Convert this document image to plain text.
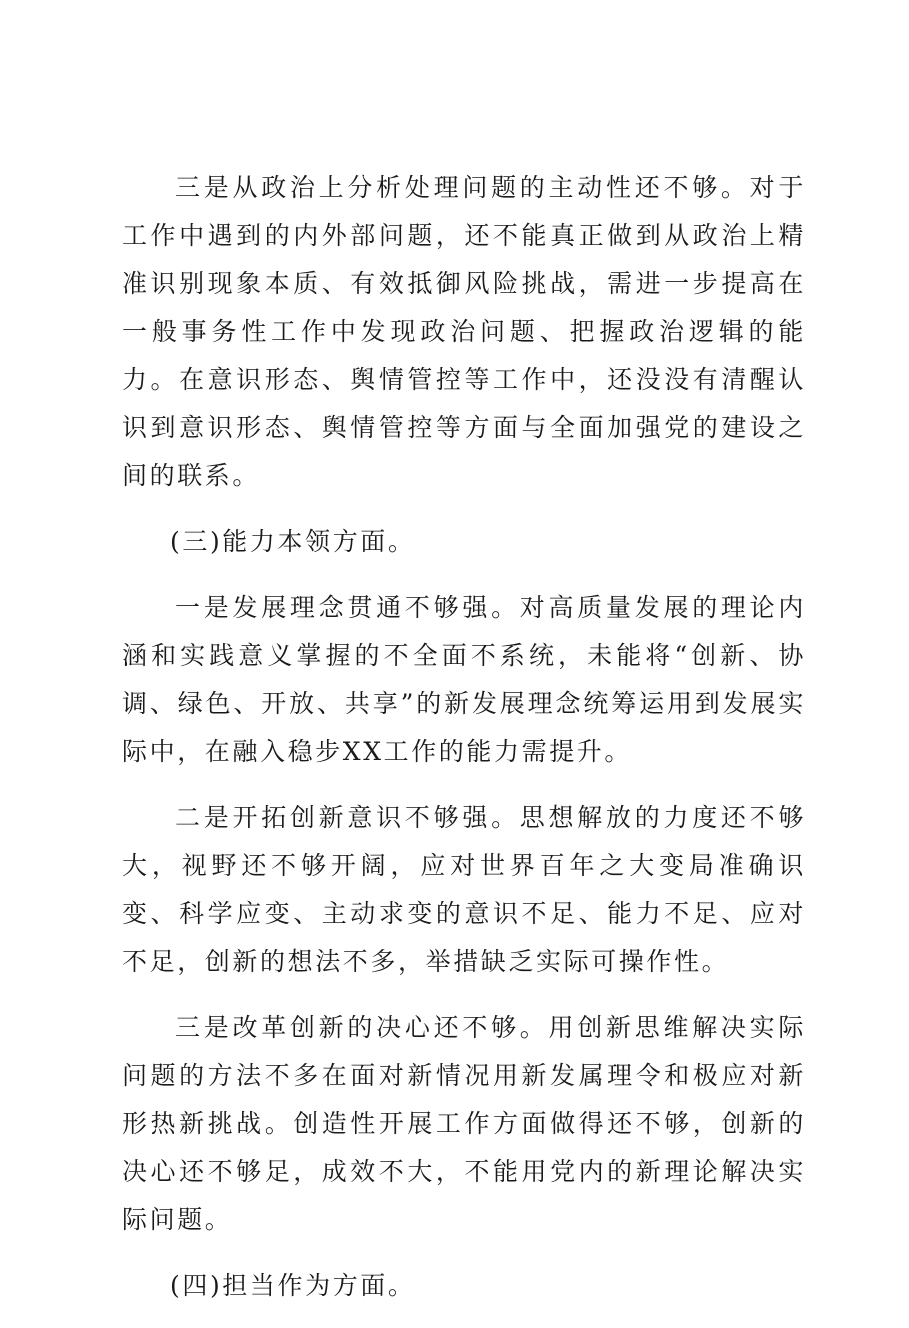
三是从政治上分析处理问题的主动性还不够。对于工作中遇到的内外部问题，还不能真正做到从政治上精准识别现象本质、有效抵御风险挑战，需进一步提高在一般事务性工作中发现政治问题、把握政治逻辑的能力。在意识形态、舆情管控等工作中，还没没有清醒认识到意识形态、舆情管控等方面与全面加强党的建设之间的联系。

(三)能力本领方面。

一是发展理念贯通不够强。对高质量发展的理论内涵和实践意义掌握的不全面不系统，未能将“创新、协调、绿色、开放、共享”的新发展理念统筹运用到发展实际中，在融入稳步XX工作的能力需提升。

二是开拓创新意识不够强。思想解放的力度还不够大，视野还不够开阔，应对世界百年之大变局准确识变、科学应变、主动求变的意识不足、能力不足、应对不足，创新的想法不多，举措缺乏实际可操作性。

三是改革创新的决心还不够。用创新思维解决实际问题的方法不多在面对新情况用新发属理令和极应对新形热新挑战。创造性开展工作方面做得还不够，创新的决心还不够足，成效不大，不能用党内的新理论解决实际问题。

(四)担当作为方面。
